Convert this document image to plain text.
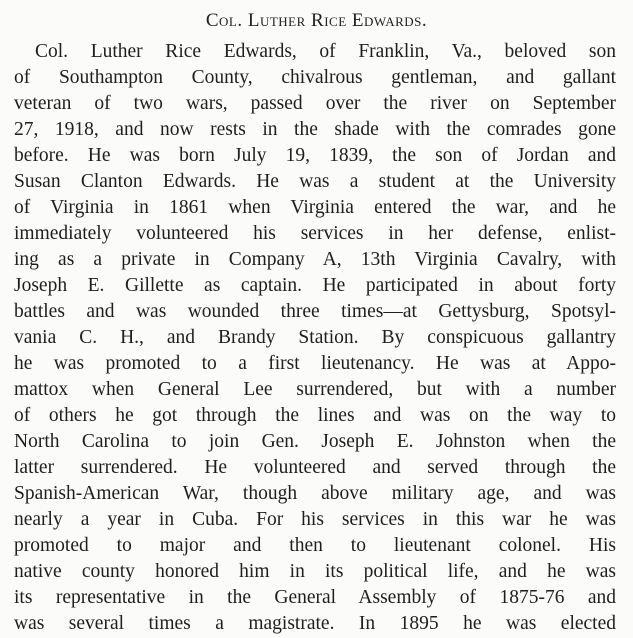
Col. Luther Rice Edwards.
Col. Luther Rice Edwards, of Franklin, Va., beloved son
of Southampton County, chivalrous gentleman, and gallant
veteran of two wars, passed over the river on September
27, 1918, and now rests in the shade with the comrades gone
before. He was born July 19, 1839, the son of Jordan and
Susan Clanton Edwards. He was a student at the University
of Virginia in 1861 when Virginia entered the war, and he
immediately volunteered his services in her defense, enlist-
ing as a private in Company A, 13th Virginia Cavalry, with
Joseph E. Gillette as captain. He participated in about forty
battles and was wounded three times—at Gettysburg, Spotsyl-
vania C. H., and Brandy Station. By conspicuous gallantry
he was promoted to a first lieutenancy. He was at Appo-
mattox when General Lee surrendered, but with a number
of others he got through the lines and was on the way to
North Carolina to join Gen. Joseph E. Johnston when the
latter surrendered. He volunteered and served through the
Spanish-American War, though above military age, and was
nearly a year in Cuba. For his services in this war he was
promoted to major and then to lieutenant colonel. His
native county honored him in its political life, and he was
its representative in the General Assembly of 1875-76 and
was several times a magistrate. In 1895 he was elected
